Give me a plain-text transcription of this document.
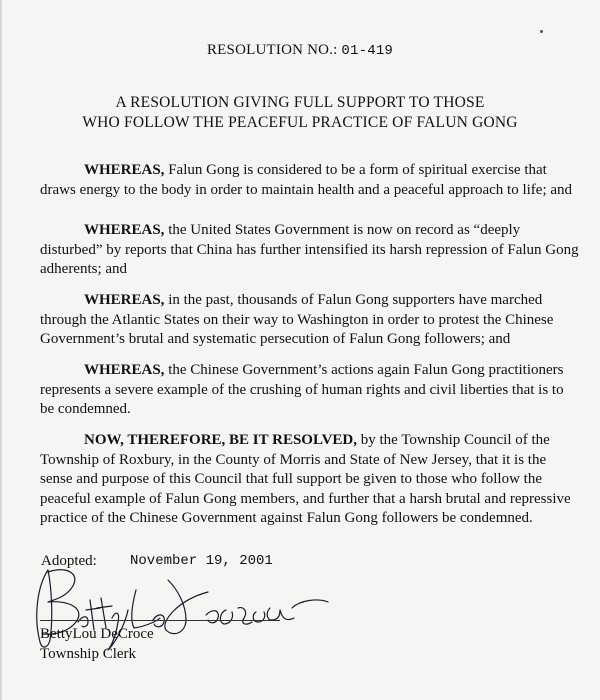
RESOLUTION NO.: 01-419
A RESOLUTION GIVING FULL SUPPORT TO THOSE
WHO FOLLOW THE PEACEFUL PRACTICE OF FALUN GONG
WHEREAS, Falun Gong is considered to be a form of spiritual exercise that draws energy to the body in order to maintain health and a peaceful approach to life; and
WHEREAS, the United States Government is now on record as “deeply disturbed” by reports that China has further intensified its harsh repression of Falun Gong adherents; and
WHEREAS, in the past, thousands of Falun Gong supporters have marched through the Atlantic States on their way to Washington in order to protest the Chinese Government’s brutal and systematic persecution of Falun Gong followers; and
WHEREAS, the Chinese Government’s actions again Falun Gong practitioners represents a severe example of the crushing of human rights and civil liberties that is to be condemned.
NOW, THEREFORE, BE IT RESOLVED, by the Township Council of the Township of Roxbury, in the County of Morris and State of New Jersey, that it is the sense and purpose of this Council that full support be given to those who follow the peaceful example of Falun Gong members, and further that a harsh brutal and repressive practice of the Chinese Government against Falun Gong followers be condemned.
Adopted: November 19, 2001
BettyLou DeCroce
Township Clerk
